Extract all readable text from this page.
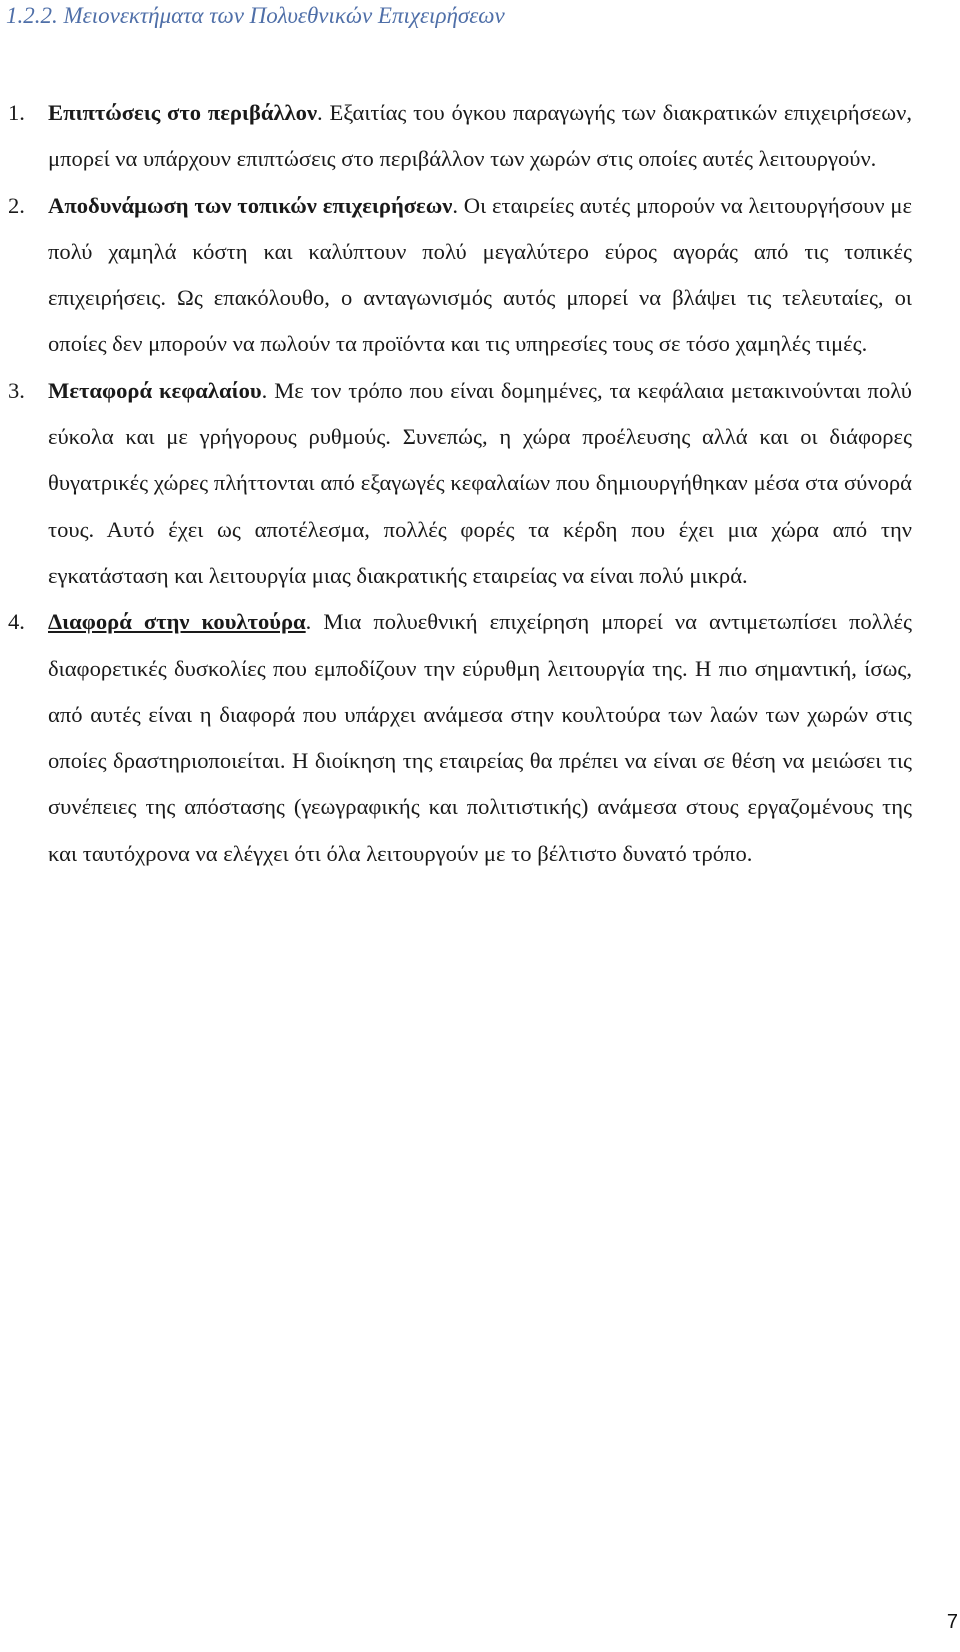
1.2.2. Μειονεκτήματα των Πολυεθνικών Επιχειρήσεων
1. Επιπτώσεις στο περιβάλλον. Εξαιτίας του όγκου παραγωγής των διακρατικών επιχειρήσεων, μπορεί να υπάρχουν επιπτώσεις στο περιβάλλον των χωρών στις οποίες αυτές λειτουργούν.
2. Αποδυνάμωση των τοπικών επιχειρήσεων. Οι εταιρείες αυτές μπορούν να λειτουργήσουν με πολύ χαμηλά κόστη και καλύπτουν πολύ μεγαλύτερο εύρος αγοράς από τις τοπικές επιχειρήσεις. Ως επακόλουθο, ο ανταγωνισμός αυτός μπορεί να βλάψει τις τελευταίες, οι οποίες δεν μπορούν να πωλούν τα προϊόντα και τις υπηρεσίες τους σε τόσο χαμηλές τιμές.
3. Μεταφορά κεφαλαίου. Με τον τρόπο που είναι δομημένες, τα κεφάλαια μετακινούνται πολύ εύκολα και με γρήγορους ρυθμούς. Συνεπώς, η χώρα προέλευσης αλλά και οι διάφορες θυγατρικές χώρες πλήττονται από εξαγωγές κεφαλαίων που δημιουργήθηκαν μέσα στα σύνορά τους. Αυτό έχει ως αποτέλεσμα, πολλές φορές τα κέρδη που έχει μια χώρα από την εγκατάσταση και λειτουργία μιας διακρατικής εταιρείας να είναι πολύ μικρά.
4. Διαφορά στην κουλτούρα. Μια πολυεθνική επιχείρηση μπορεί να αντιμετωπίσει πολλές διαφορετικές δυσκολίες που εμποδίζουν την εύρυθμη λειτουργία της. Η πιο σημαντική, ίσως, από αυτές είναι η διαφορά που υπάρχει ανάμεσα στην κουλτούρα των λαών των χωρών στις οποίες δραστηριοποιείται. Η διοίκηση της εταιρείας θα πρέπει να είναι σε θέση να μειώσει τις συνέπειες της απόστασης (γεωγραφικής και πολιτιστικής) ανάμεσα στους εργαζομένους της και ταυτόχρονα να ελέγχει ότι όλα λειτουργούν με το βέλτιστο δυνατό τρόπο.
7
